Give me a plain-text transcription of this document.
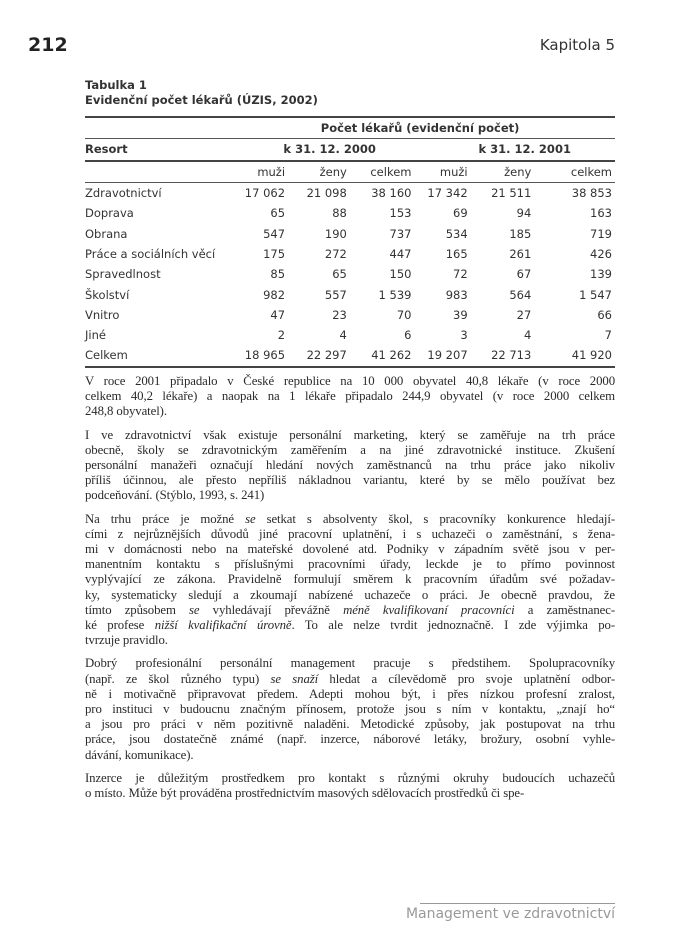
212	Kapitola 5
Tabulka 1
Evidenční počet lékařů (ÚZIS, 2002)
	Počet lékařů (evidenční počet)					
Resort	k 31. 12. 2000			k 31. 12. 2001		
	muži	ženy	celkem	muži	ženy	celkem
Zdravotnictví	17 062	21 098	38 160	17 342	21 511	38 853
Doprava	65	88	153	69	94	163
Obrana	547	190	737	534	185	719
Práce a sociálních věcí	175	272	447	165	261	426
Spravedlnost	85	65	150	72	67	139
Školství	982	557	1 539	983	564	1 547
Vnitro	47	23	70	39	27	66
Jiné	2	4	6	3	4	7
Celkem	18 965	22 297	41 262	19 207	22 713	41 920
V roce 2001 připadalo v České republice na 10 000 obyvatel 40,8 lékaře (v roce 2000
celkem 40,2 lékaře) a naopak na 1 lékaře připadalo 244,9 obyvatel (v roce 2000 celkem
248,8 obyvatel).
I ve zdravotnictví však existuje personální marketing, který se zaměřuje na trh práce
obecně, školy se zdravotnickým zaměřením a na jiné zdravotnické instituce. Zkušení
personální manažeři označují hledání nových zaměstnanců na trhu práce jako nikoliv
příliš účinnou, ale přesto nepříliš nákladnou variantu, které by se mělo používat bez
podceňování. (Stýblo, 1993, s. 241)
Na trhu práce je možné se setkat s absolventy škol, s pracovníky konkurence hledají-
cími z nejrůznějších důvodů jiné pracovní uplatnění, i s uchazeči o zaměstnání, s žena-
mi v domácnosti nebo na mateřské dovolené atd. Podniky v západním světě jsou v per-
manentním kontaktu s příslušnými pracovními úřady, leckde je to přímo povinnost
vyplývající ze zákona. Pravidelně formulují směrem k pracovním úřadům své požadav-
ky, systematicky sledují a zkoumají nabízené uchazeče o práci. Je obecně pravdou, že
tímto způsobem se vyhledávají převážně méně kvalifikovaní pracovníci a zaměstnanec-
ké profese nižší kvalifikační úrovně. To ale nelze tvrdit jednoznačně. I zde výjimka po-
tvrzuje pravidlo.
Dobrý profesionální personální management pracuje s předstihem. Spolupracovníky
(např. ze škol různého typu) se snaží hledat a cílevědomě pro svoje uplatnění odbor-
ně i motivačně připravovat předem. Adepti mohou být, i přes nízkou profesní zralost,
pro instituci v budoucnu značným přínosem, protože jsou s ním v kontaktu, „znají ho“
a jsou pro práci v něm pozitivně naladěni. Metodické způsoby, jak postupovat na trhu
práce, jsou dostatečně známé (např. inzerce, náborové letáky, brožury, osobní vyhle-
dávání, komunikace).
Inzerce je důležitým prostředkem pro kontakt s různými okruhy budoucích uchazečů
o místo. Může být prováděna prostřednictvím masových sdělovacích prostředků či spe-
Management ve zdravotnictví
